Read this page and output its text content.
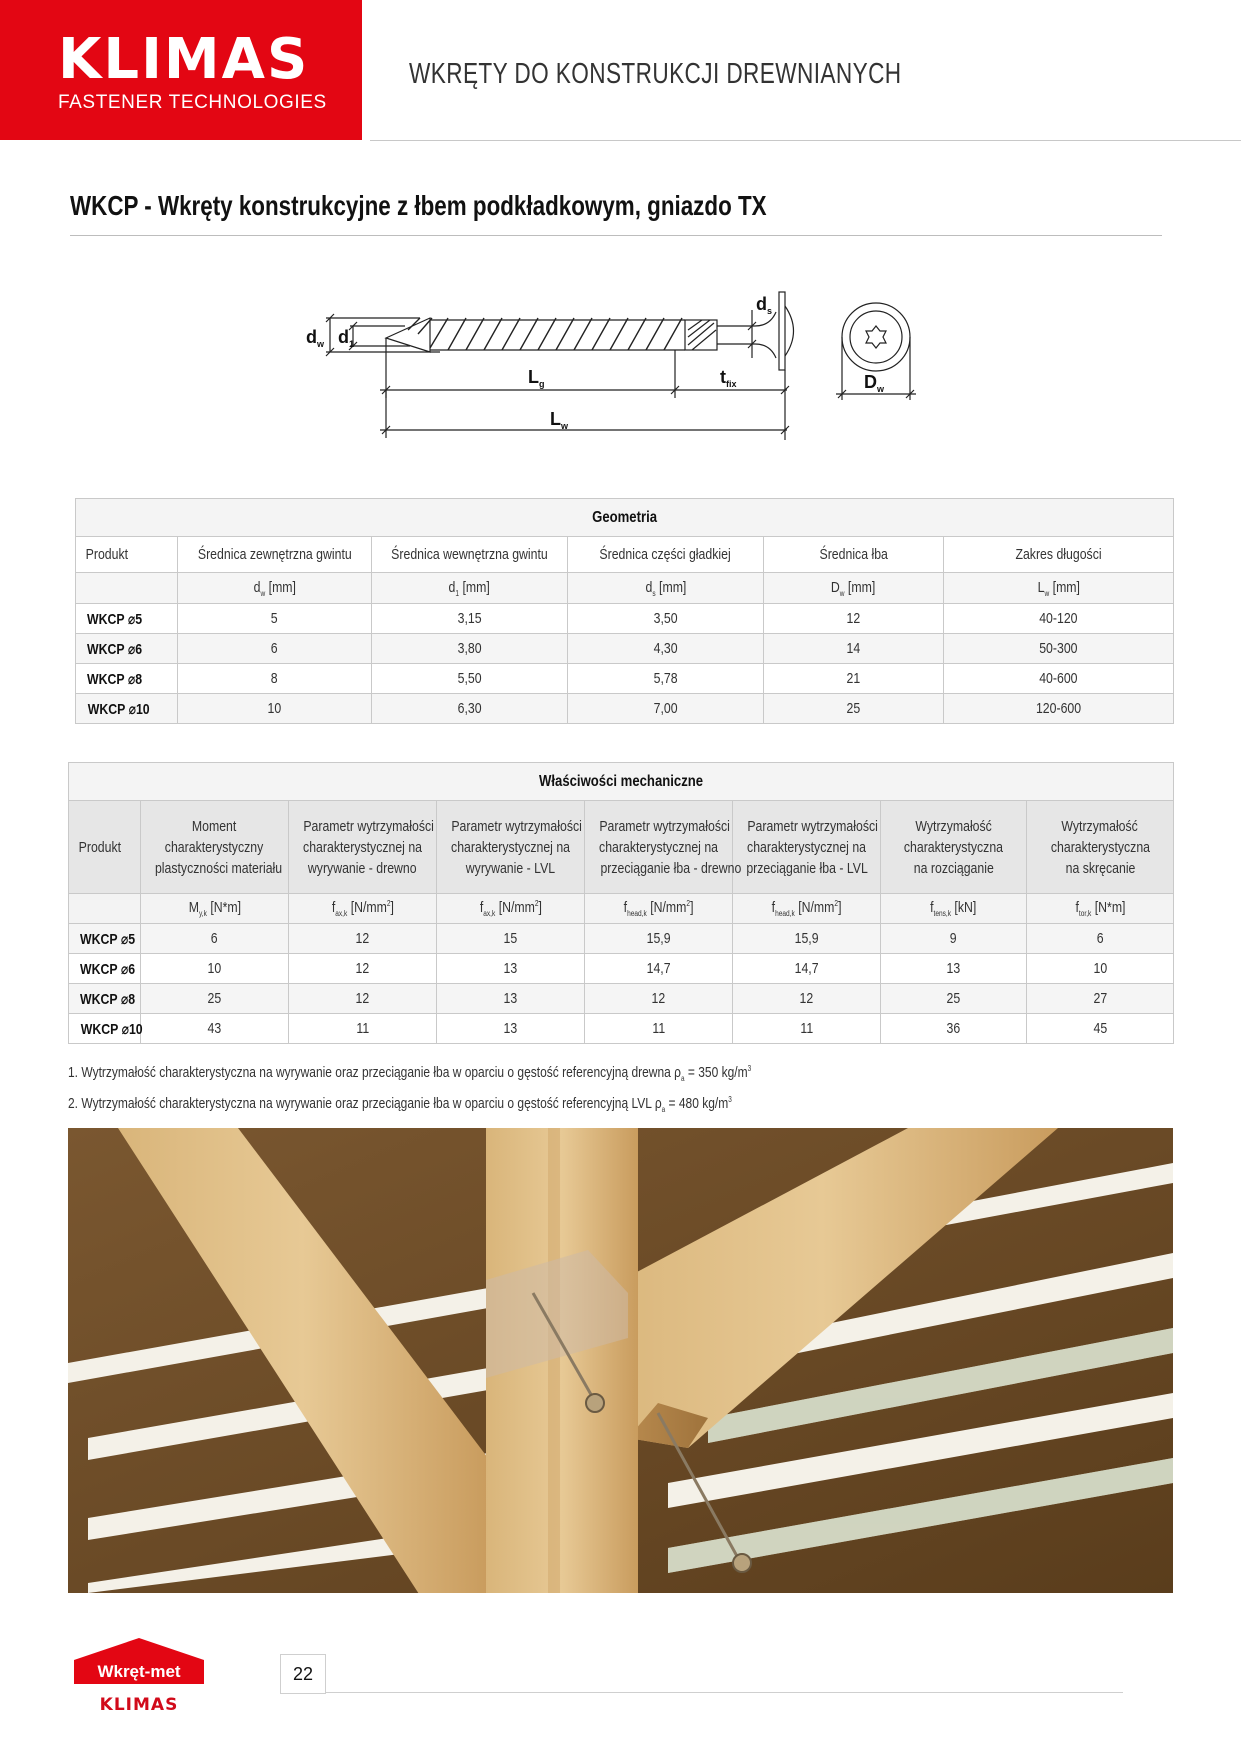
KLIMAS
FASTENER TECHNOLOGIES
WKRĘTY DO KONSTRUKCJI DREWNIANYCH
WKCP - Wkręty konstrukcyjne z łbem podkładkowym, gniazdo TX
$d_w$ $d_1$
$d_s$
$L_g$	$t_{fix}$
$L_w$
$D_w$
Geometria					
Produkt	Średnica zewnętrzna gwintu	Średnica wewnętrzna gwintu	Średnica części gładkiej	Średnica łba	Zakres długości
	$d_w$ [mm]	$d_1$ [mm]	$d_s$ [mm]	$D_w$ [mm]	$L_w$ [mm]
WKCP ⌀5	5	3,15	3,50	12	40-120
WKCP ⌀6	6	3,80	4,30	14	50-300
WKCP ⌀8	8	5,50	5,78	21	40-600
WKCP ⌀10	10	6,30	7,00	25	120-600
Właściwości mechaniczne							
Produkt	Moment
charakterystyczny
plastyczności materiału	Parametr wytrzymałości
charakterystycznej na
wyrywanie - drewno	Parametr wytrzymałości
charakterystycznej na
wyrywanie - LVL	Parametr wytrzymałości
charakterystycznej na
przeciąganie łba - drewno	Parametr wytrzymałości
charakterystycznej na
przeciąganie łba - LVL	Wytrzymałość
charakterystyczna
na rozciąganie	Wytrzymałość
charakterystyczna
na skręcanie
	$M_{y,k}$ [N*m]	$f_{ax,k}$ $[N/mm^2]$	$f_{ax,k}$ $[N/mm^2]$	$f_{head,k}$ $[N/mm^2]$	$f_{head,k}$ $[N/mm^2]$	$f_{tens,k}$ [kN]	$f_{tor,k}$ [N*m]
WKCP ⌀5	6	12	15	15,9	15,9	9	6
WKCP ⌀6	10	12	13	14,7	14,7	13	10
WKCP ⌀8	25	12	13	12	12	25	27
WKCP ⌀10	43	11	13	11	11	36	45
1. Wytrzymałość charakterystyczna na wyrywanie oraz przeciąganie łba w oparciu o gęstość referencyjną drewna $\rho_a = 350$ $kg/m^3$
2. Wytrzymałość charakterystyczna na wyrywanie oraz przeciąganie łba w oparciu o gęstość referencyjną LVL $\rho_a = 480$ $kg/m^3$
Wkręt-met
KLIMAS
22
